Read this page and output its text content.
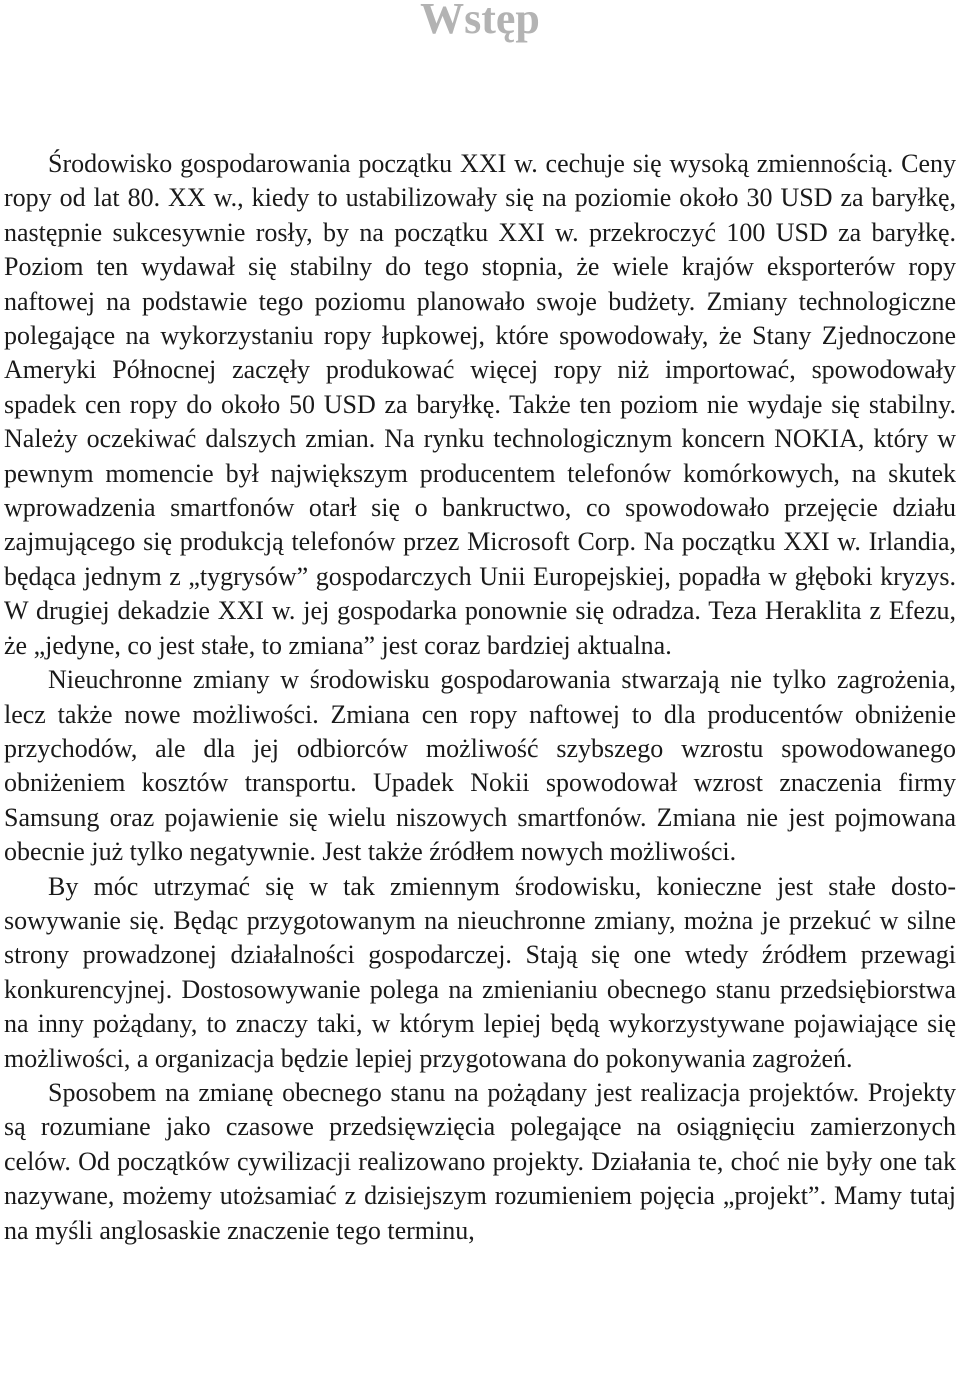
Wstęp

Środowisko gospodarowania początku XXI w. cechuje się wysoką zmiennością. Ceny ropy od lat 80. XX w., kiedy to ustabilizowały się na poziomie około 30 USD za baryłkę, następnie sukcesywnie rosły, by na początku XXI w. przekroczyć 100 USD za baryłkę. Poziom ten wydawał się stabilny do tego stopnia, że wiele krajów eksporterów ropy naftowej na podstawie tego poziomu planowało swoje budżety. Zmiany technologiczne polegające na wykorzystaniu ropy łupkowej, które spowodowały, że Stany Zjednoczone Ameryki Północnej zaczęły produkować więcej ropy niż importować, spowodowały spadek cen ropy do około 50 USD za baryłkę. Także ten poziom nie wydaje się stabilny. Należy oczekiwać dalszych zmian. Na rynku technologicznym koncern NOKIA, który w pewnym momencie był największym producentem telefonów komórkowych, na skutek wprowadzenia smartfonów otarł się o bankructwo, co spowodowało przejęcie działu zajmującego się produkcją telefonów przez Microsoft Corp. Na początku XXI w. Irlandia, będąca jednym z „tygrysów” gospodarczych Unii Europejskiej, popadła w głęboki kryzys. W drugiej dekadzie XXI w. jej gospodarka ponownie się odradza. Teza Heraklita z Efezu, że „jedyne, co jest stałe, to zmiana” jest coraz bardziej aktualna.

Nieuchronne zmiany w środowisku gospodarowania stwarzają nie tylko zagrożenia, lecz także nowe możliwości. Zmiana cen ropy naftowej to dla producentów obniżenie przychodów, ale dla jej odbiorców możliwość szybszego wzrostu spowodowanego obniżeniem kosztów transportu. Upadek Nokii spowodował wzrost znaczenia firmy Samsung oraz pojawienie się wielu niszowych smartfonów. Zmiana nie jest pojmowana obecnie już tylko negatywnie. Jest także źródłem nowych możliwości.

By móc utrzymać się w tak zmiennym środowisku, konieczne jest stałe dostosowywanie się. Będąc przygotowanym na nieuchronne zmiany, można je przekuć w silne strony prowadzonej działalności gospodarczej. Stają się one wtedy źródłem przewagi konkurencyjnej. Dostosowywanie polega na zmienianiu obecnego stanu przedsiębiorstwa na inny pożądany, to znaczy taki, w którym lepiej będą wykorzystywane pojawiające się możliwości, a organizacja będzie lepiej przygotowana do pokonywania zagrożeń.

Sposobem na zmianę obecnego stanu na pożądany jest realizacja projektów. Projekty są rozumiane jako czasowe przedsięwzięcia polegające na osiągnięciu zamierzonych celów. Od początków cywilizacji realizowano projekty. Działania te, choć nie były one tak nazywane, możemy utożsamiać z dzisiejszym rozumieniem pojęcia „projekt”. Mamy tutaj na myśli anglosaskie znaczenie tego terminu,
